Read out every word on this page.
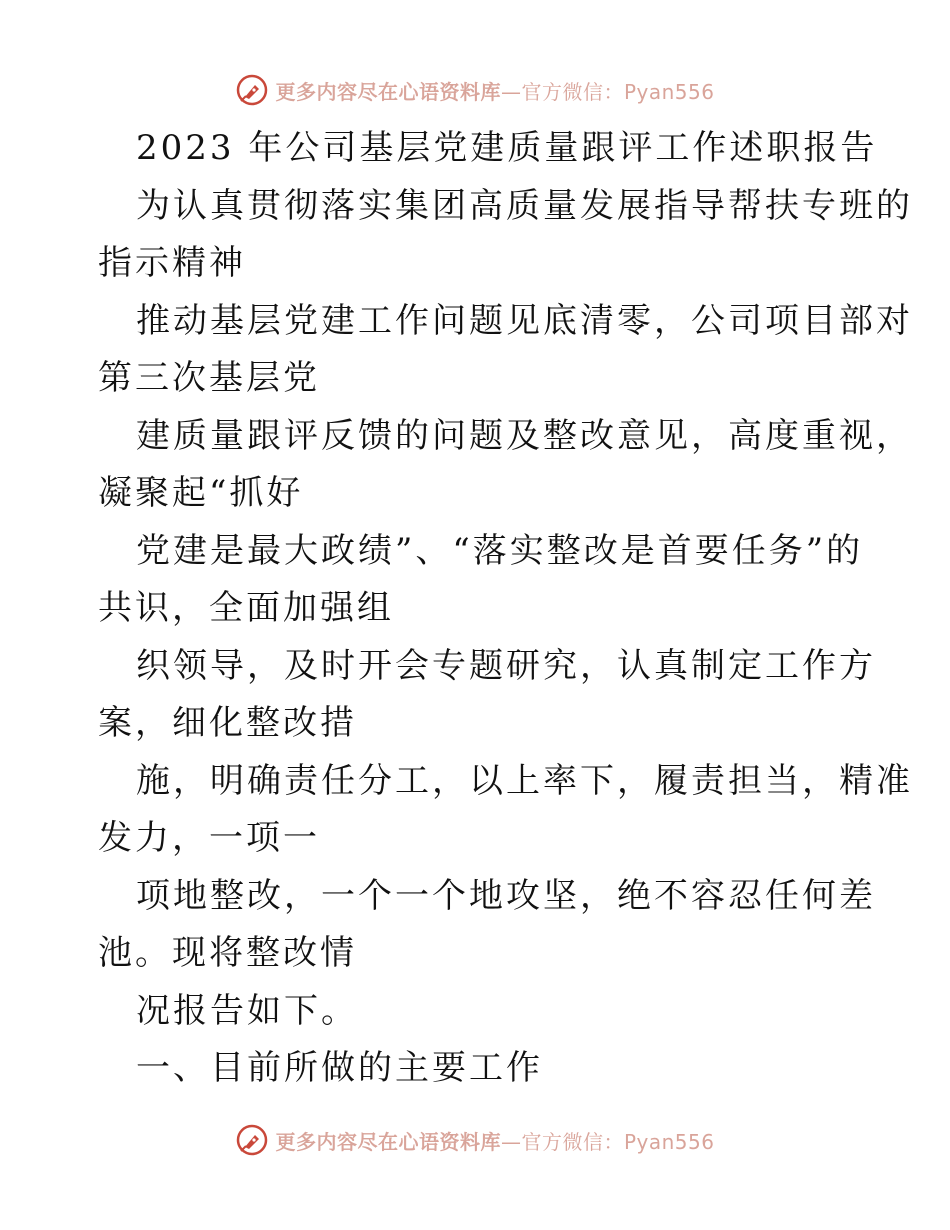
更多内容尽在心语资料库—官方微信：Pyan556
2023 年公司基层党建质量跟评工作述职报告
为认真贯彻落实集团高质量发展指导帮扶专班的
指示精神
推动基层党建工作问题见底清零，公司项目部对
第三次基层党
建质量跟评反馈的问题及整改意见，高度重视，
凝聚起“抓好
党建是最大政绩”、“落实整改是首要任务”的
共识，全面加强组
织领导，及时开会专题研究，认真制定工作方
案，细化整改措
施，明确责任分工，以上率下，履责担当，精准
发力，一项一
项地整改，一个一个地攻坚，绝不容忍任何差
池。现将整改情
况报告如下。
一、目前所做的主要工作
更多内容尽在心语资料库—官方微信：Pyan556
